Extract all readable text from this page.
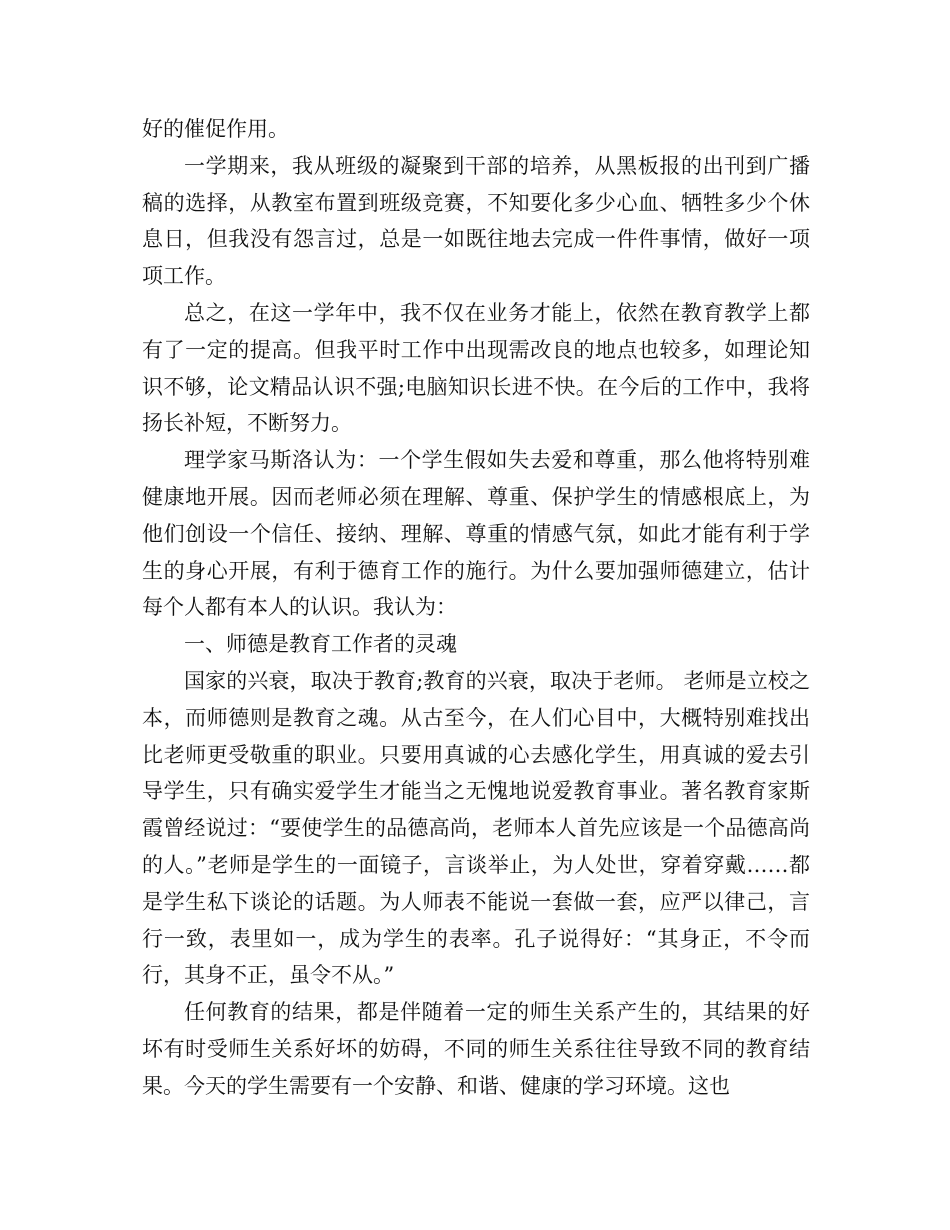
好的催促作用。

一学期来，我从班级的凝聚到干部的培养，从黑板报的出刊到广播稿的选择，从教室布置到班级竞赛，不知要化多少心血、牺牲多少个休息日，但我没有怨言过，总是一如既往地去完成一件件事情，做好一项项工作。

总之，在这一学年中，我不仅在业务才能上，依然在教育教学上都有了一定的提高。但我平时工作中出现需改良的地点也较多，如理论知识不够，论文精品认识不强;电脑知识长进不快。在今后的工作中，我将扬长补短，不断努力。

理学家马斯洛认为：一个学生假如失去爱和尊重，那么他将特别难健康地开展。因而老师必须在理解、尊重、保护学生的情感根底上，为他们创设一个信任、接纳、理解、尊重的情感气氛，如此才能有利于学生的身心开展，有利于德育工作的施行。为什么要加强师德建立，估计每个人都有本人的认识。我认为：

一、师德是教育工作者的灵魂

国家的兴衰，取决于教育;教育的兴衰，取决于老师。 老师是立校之本，而师德则是教育之魂。从古至今，在人们心目中，大概特别难找出比老师更受敬重的职业。只要用真诚的心去感化学生，用真诚的爱去引导学生，只有确实爱学生才能当之无愧地说爱教育事业。著名教育家斯霞曾经说过：“要使学生的品德高尚，老师本人首先应该是一个品德高尚的人。”老师是学生的一面镜子，言谈举止，为人处世，穿着穿戴……都是学生私下谈论的话题。为人师表不能说一套做一套，应严以律己，言行一致，表里如一，成为学生的表率。孔子说得好：“其身正，不令而行，其身不正，虽令不从。”

任何教育的结果，都是伴随着一定的师生关系产生的，其结果的好坏有时受师生关系好坏的妨碍，不同的师生关系往往导致不同的教育结果。今天的学生需要有一个安静、和谐、健康的学习环境。这也
